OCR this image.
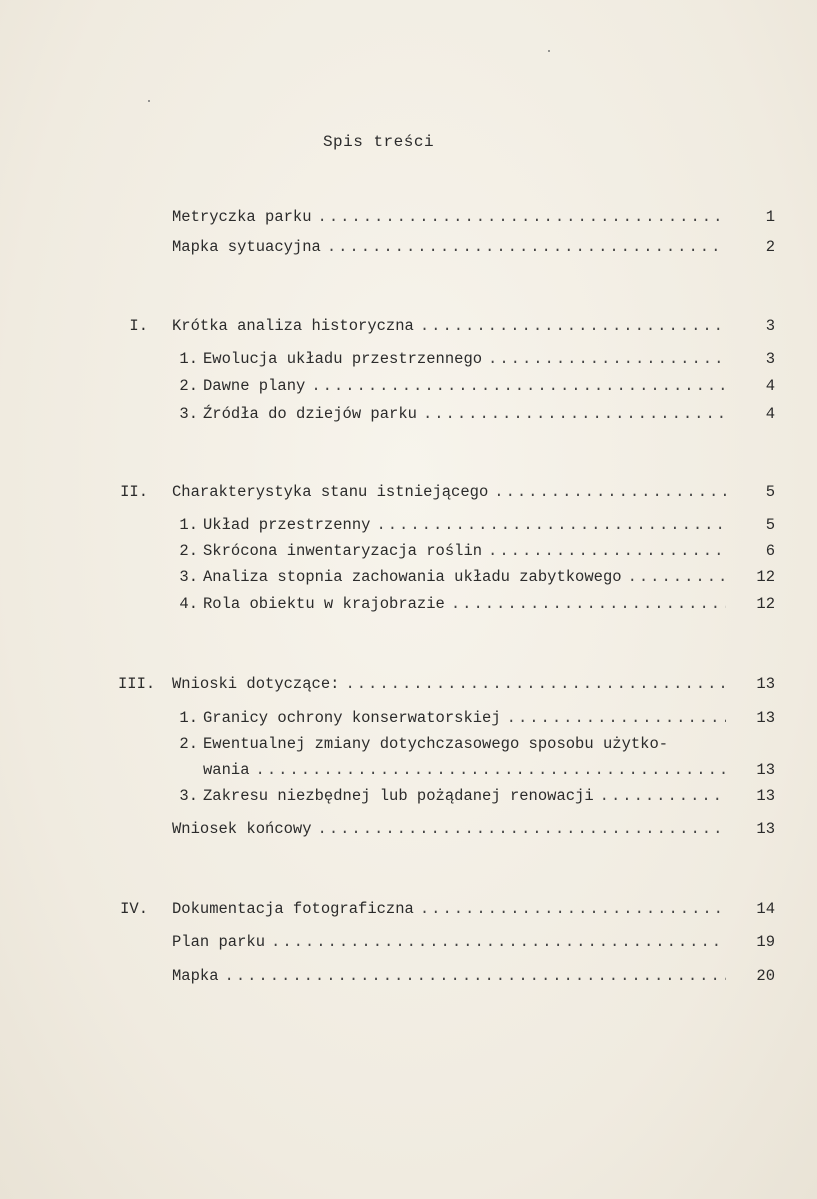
Spis treści
Metryczka parku .....	1
Mapka sytuacyjna .....	2
I. Krótka analiza historyczna .....	3
1. Ewolucja układu przestrzennego .....	3
2. Dawne plany .....	4
3. Źródła do dziejów parku .....	4
II. Charakterystyka stanu istniejącego .....	5
1. Układ przestrzenny .....	5
2. Skrócona inwentaryzacja roślin .....	6
3. Analiza stopnia zachowania układu zabytkowego .....	12
4. Rola obiektu w krajobrazie .....	12
III. Wnioski dotyczące: .....	13
1. Granicy ochrony konserwatorskiej .....	13
2. Ewentualnej zmiany dotychczasowego sposobu użytko-
wania .....	13
3. Zakresu niezbędnej lub pożądanej renowacji .....	13
Wniosek końcowy .....	13
IV. Dokumentacja fotograficzna .....	14
Plan parku .....	19
Mapka .....	20
